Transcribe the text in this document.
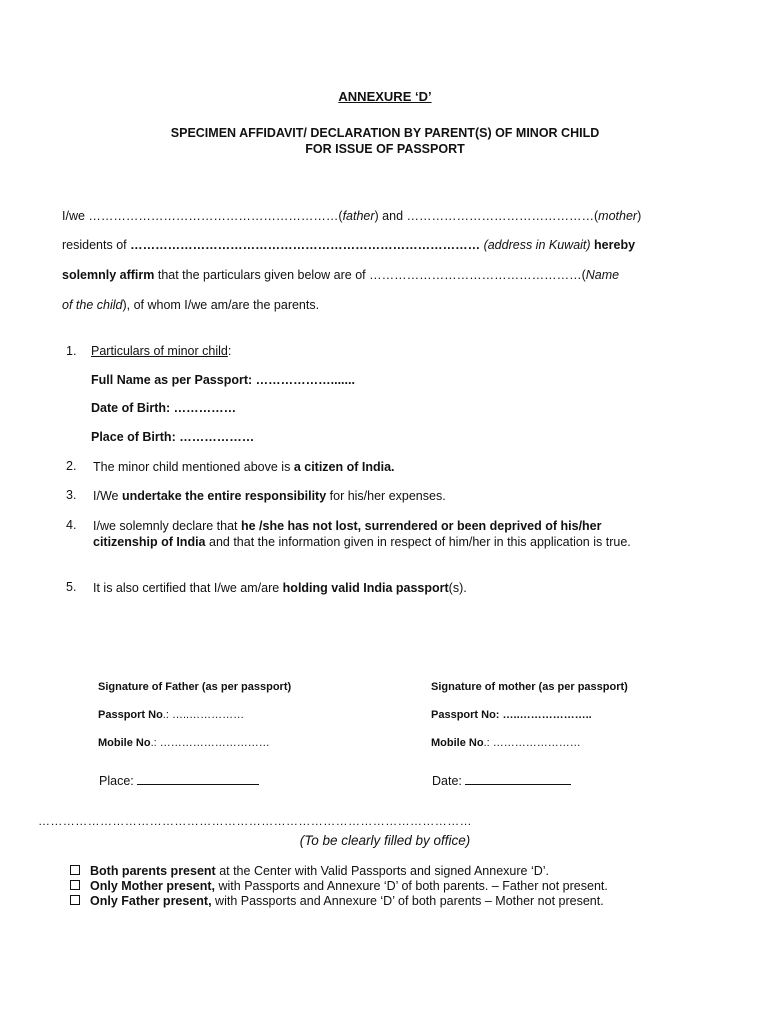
ANNEXURE ‘D’
SPECIMEN AFFIDAVIT/ DECLARATION BY PARENT(S) OF MINOR CHILD
FOR ISSUE OF PASSPORT
I/we ……………………………………………………(father) and ………………………………………(mother)
residents of ………………………………………………………………………… (address in Kuwait) hereby
solemnly affirm that the particulars given below are of ……………………………………………(Name
of the child), of whom I/we am/are the parents.
1. Particulars of minor child:
Full Name as per Passport: ……………….......
Date of Birth: ……………
Place of Birth: ………………
2. The minor child mentioned above is a citizen of India.
3. I/We undertake the entire responsibility for his/her expenses.
4. I/we solemnly declare that he /she has not lost, surrendered or been deprived of his/her citizenship of India and that the information given in respect of him/her in this application is true.
5. It is also certified that I/we am/are holding valid India passport(s).
Signature of Father (as per passport)
Passport No.: …..……………
Mobile No.: …………………………
Place:
Signature of mother (as per passport)
Passport No: …..………………..
Mobile No.: ……………………
Date:
……………………………………………………………………………………………
(To be clearly filled by office)
Both parents present at the Center with Valid Passports and signed Annexure ‘D’.
Only Mother present, with Passports and Annexure ‘D’ of both parents. – Father not present.
Only Father present, with Passports and Annexure ‘D’ of both parents – Mother not present.
